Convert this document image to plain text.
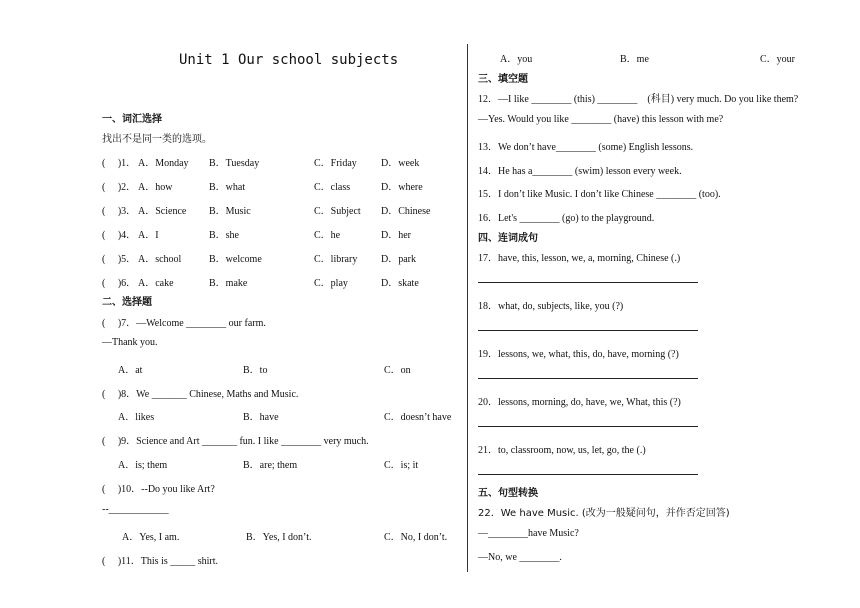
Unit 1 Our school subjects
一、词汇选择
找出不是同一类的选项。
(　 )1． A．Monday B．Tuesday	C．Friday D．week
(　 )2． A．how	B．what	C．class	D．where
(　 )3． A．Science B．Music	C．Subject D．Chinese
(　 )4． A．I	B．she	C．he	D．her
(　 )5． A．school	B．welcome	C．library D．park
(　 )6． A．cake	B．make	C．play	D．skate
二、选择题
(　 )7．—Welcome ________ our farm.
—Thank you.
A．at	B．to	C．on
(　 )8．We _______ Chinese, Maths and Music.
A．likes	B．have	C．doesn’t have
(　 )9．Science and Art _______ fun. I like ________ very much.
A．is; them	B．are; them	C．is; it
(　 )10．--Do you like Art?
--____________
A．Yes, I am.	B．Yes, I don’t.	C．No, I don’t.
(　 )11．This is _____ shirt.
A．you	B．me	C．your
三、填空题
12．—I like ________ (this) ________　(科目) very much. Do you like them?
—Yes. Would you like ________ (have) this lesson with me?
13．We don’t have________ (some) English lessons.
14．He has a________ (swim) lesson every week.
15．I don’t like Music. I don’t like Chinese ________ (too).
16．Let's ________ (go) to the playground.
四、连词成句
17．have, this, lesson, we, a, morning, Chinese (.)
18．what, do, subjects, like, you (?)
19．lessons, we, what, this, do, have, morning (?)
20．lessons, morning, do, have, we, What, this (?)
21．to, classroom, now, us, let, go, the (.)
五、句型转换
22．We have Music. (改为一般疑问句，并作否定回答)
—________have Music?
—No, we ________.
